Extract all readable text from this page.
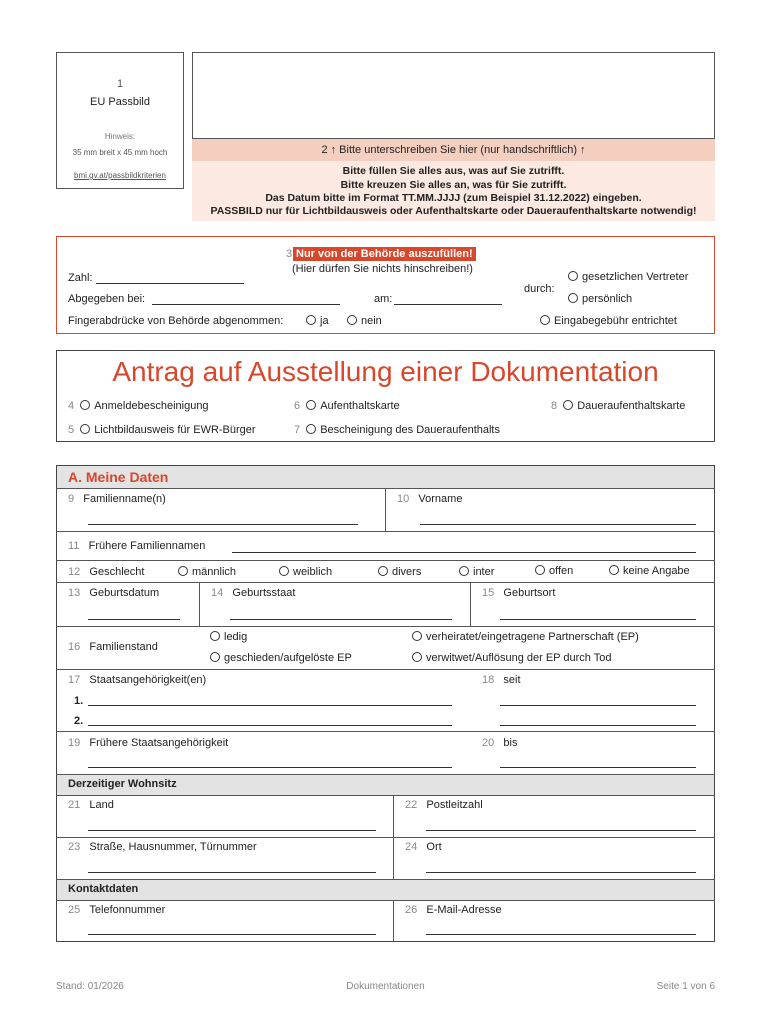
1
EU Passbild
Hinweis:
35 mm breit x 45 mm hoch
bmi.gv.at/passbildkriterien
2 ↑ Bitte unterschreiben Sie hier (nur handschriftlich) ↑
Bitte füllen Sie alles aus, was auf Sie zutrifft.
Bitte kreuzen Sie alles an, was für Sie zutrifft.
Das Datum bitte im Format TT.MM.JJJJ (zum Beispiel 31.12.2022) eingeben.
PASSBILD nur für Lichtbildausweis oder Aufenthaltskarte oder Daueraufenthaltskarte notwendig!
3 Nur von der Behörde auszufüllen!
(Hier dürfen Sie nichts hinschreiben!)
Zahl:
Abgegeben bei:	am:
durch:
gesetzlichen Vertreter
persönlich
Fingerabdrücke von Behörde abgenommen:	ja	nein	Eingabegebühr entrichtet
Antrag auf Ausstellung einer Dokumentation
4 Anmeldebescheinigung	6 Aufenthaltskarte	8 Daueraufenthaltskarte
5 Lichtbildausweis für EWR-Bürger	7 Bescheinigung des Daueraufenthalts
A. Meine Daten
9 Familienname(n)	10 Vorname
11 Frühere Familiennamen
12 Geschlecht	männlich	weiblich	divers	inter	offen	keine Angabe
13 Geburtsdatum	14 Geburtsstaat	15 Geburtsort
16 Familienstand
ledig	verheiratet/eingetragene Partnerschaft (EP)
geschieden/aufgelöste EP	verwitwet/Auflösung der EP durch Tod
17 Staatsangehörigkeit(en)	18 seit
1.
2.
19 Frühere Staatsangehörigkeit	20 bis
Derzeitiger Wohnsitz
21 Land	22 Postleitzahl
23 Straße, Hausnummer, Türnummer	24 Ort
Kontaktdaten
25 Telefonnummer	26 E-Mail-Adresse
Stand: 01/2026	Dokumentationen	Seite 1 von 6
